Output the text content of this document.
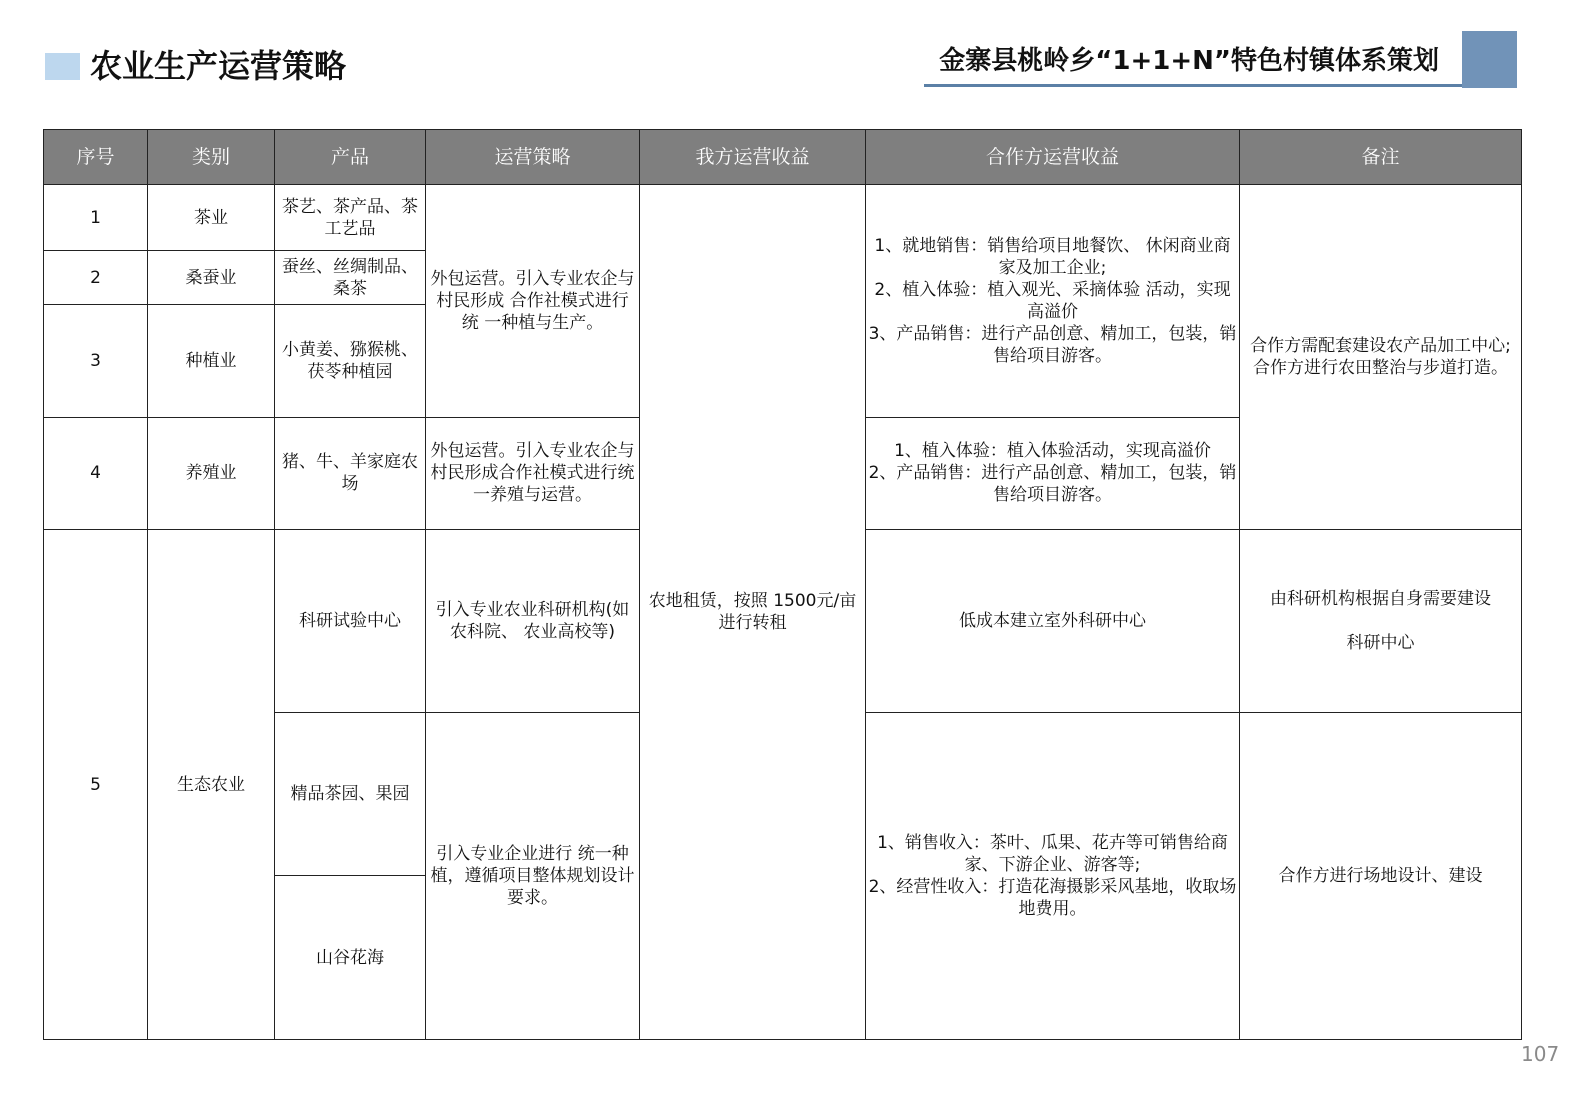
农业生产运营策略	金寨县桃岭乡“1+1+N”特色村镇体系策划
序号	类别	产品	运营策略	我方运营收益	合作方运营收益	备注
1	茶业	茶艺、茶产品、茶工艺品	外包运营。引入专业农企与村民形成 合作社模式进行统 一种植与生产。	农地租赁，按照 1500元/亩进行转租	1、就地销售：销售给项目地餐饮、 休闲商业商家及加工企业;
2、植入体验：植入观光、采摘体验 活动，实现高溢价
3、产品销售：进行产品创意、精加工，包装，销售给项目游客。	合作方需配套建设农产品加工中心;
合作方进行农田整治与步道打造。
2	桑蚕业	蚕丝、丝绸制品、桑茶				
3	种植业	小黄姜、猕猴桃、茯苓种植园				
4	养殖业	猪、牛、羊家庭农场	外包运营。引入专业农企与村民形成合作社模式进行统 一养殖与运营。		1、植入体验：植入体验活动，实现高溢价
2、产品销售：进行产品创意、精加工，包装，销售给项目游客。	
5	生态农业	科研试验中心	引入专业农业科研机构(如农科院、 农业高校等)		低成本建立室外科研中心	由科研机构根据自身需要建设

科研中心
		精品茶园、果园	引入专业企业进行 统一种植，遵循项目整体规划设计要求。		1、销售收入：茶叶、瓜果、花卉等可销售给商家、下游企业、游客等;
2、经营性收入：打造花海摄影采风基地，收取场地费用。	合作方进行场地设计、建设
		山谷花海				
107
